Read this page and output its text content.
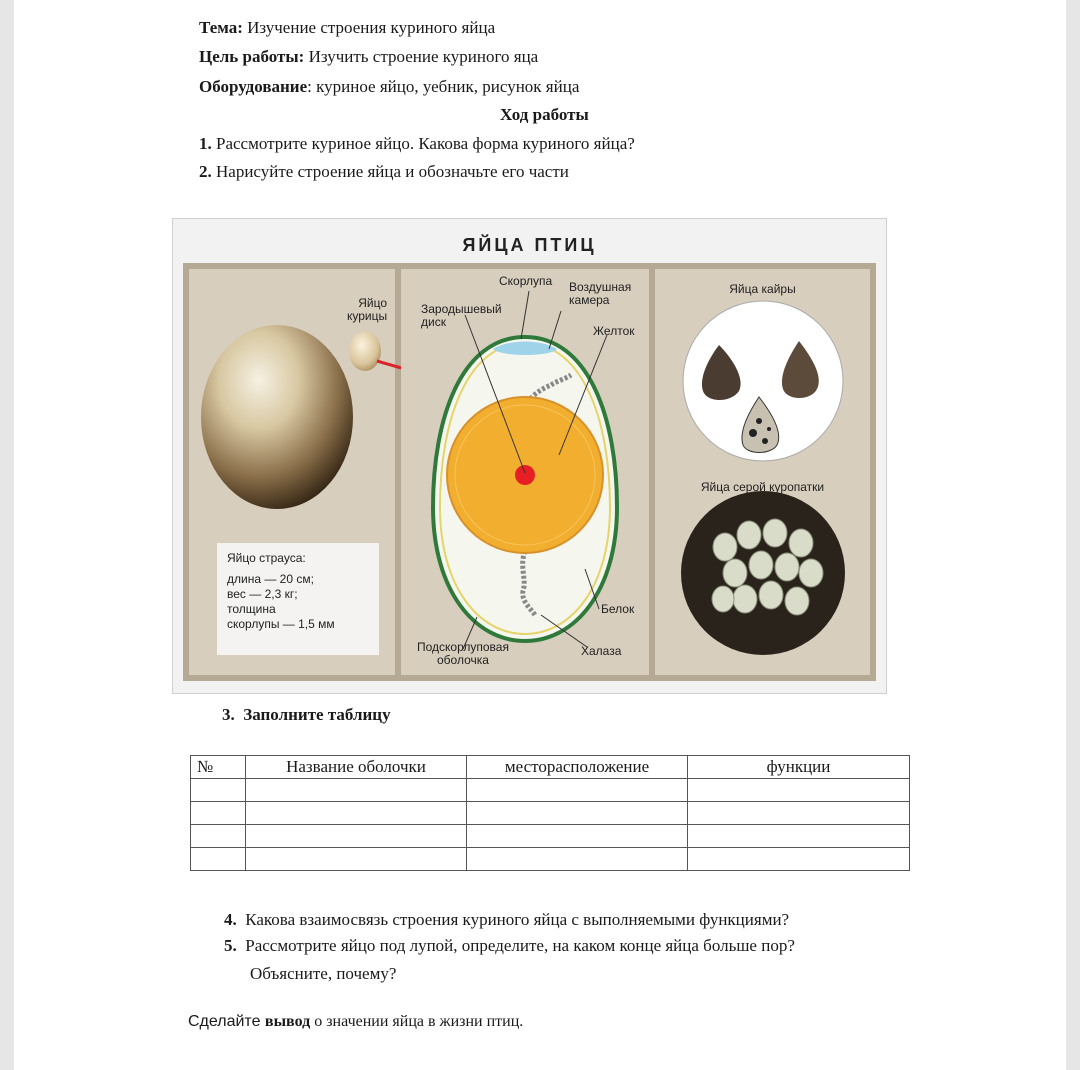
Тема: Изучение строения куриного яйца
Цель работы: Изучить строение куриного яца
Оборудование: куриное яйцо, уебник, рисунок яйца
Ход работы
1. Рассмотрите куриное яйцо. Какова форма куриного яйца?
2. Нарисуйте строение яйца и обозначьте его части
ЯЙЦА ПТИЦ
Яйцо
курицы
Яйцо страуса:
длина — 20 см;
вес — 2,3 кг;
толщина
скорлупы — 1,5 мм
Скорлупа Воздушная
камера
Зародышевый
диск
Желток
Белок
Подскорлуповая
оболочка
Халаза
Яйца кайры
Яйца серой куропатки
3. Заполните таблицу
№	Название оболочки	месторасположение	функции

4. Какова взаимосвязь строения куриного яйца с выполняемыми функциями?
5. Рассмотрите яйцо под лупой, определите, на каком конце яйца больше пор?
Объясните, почему?
Сделайте вывод о значении яйца в жизни птиц.
